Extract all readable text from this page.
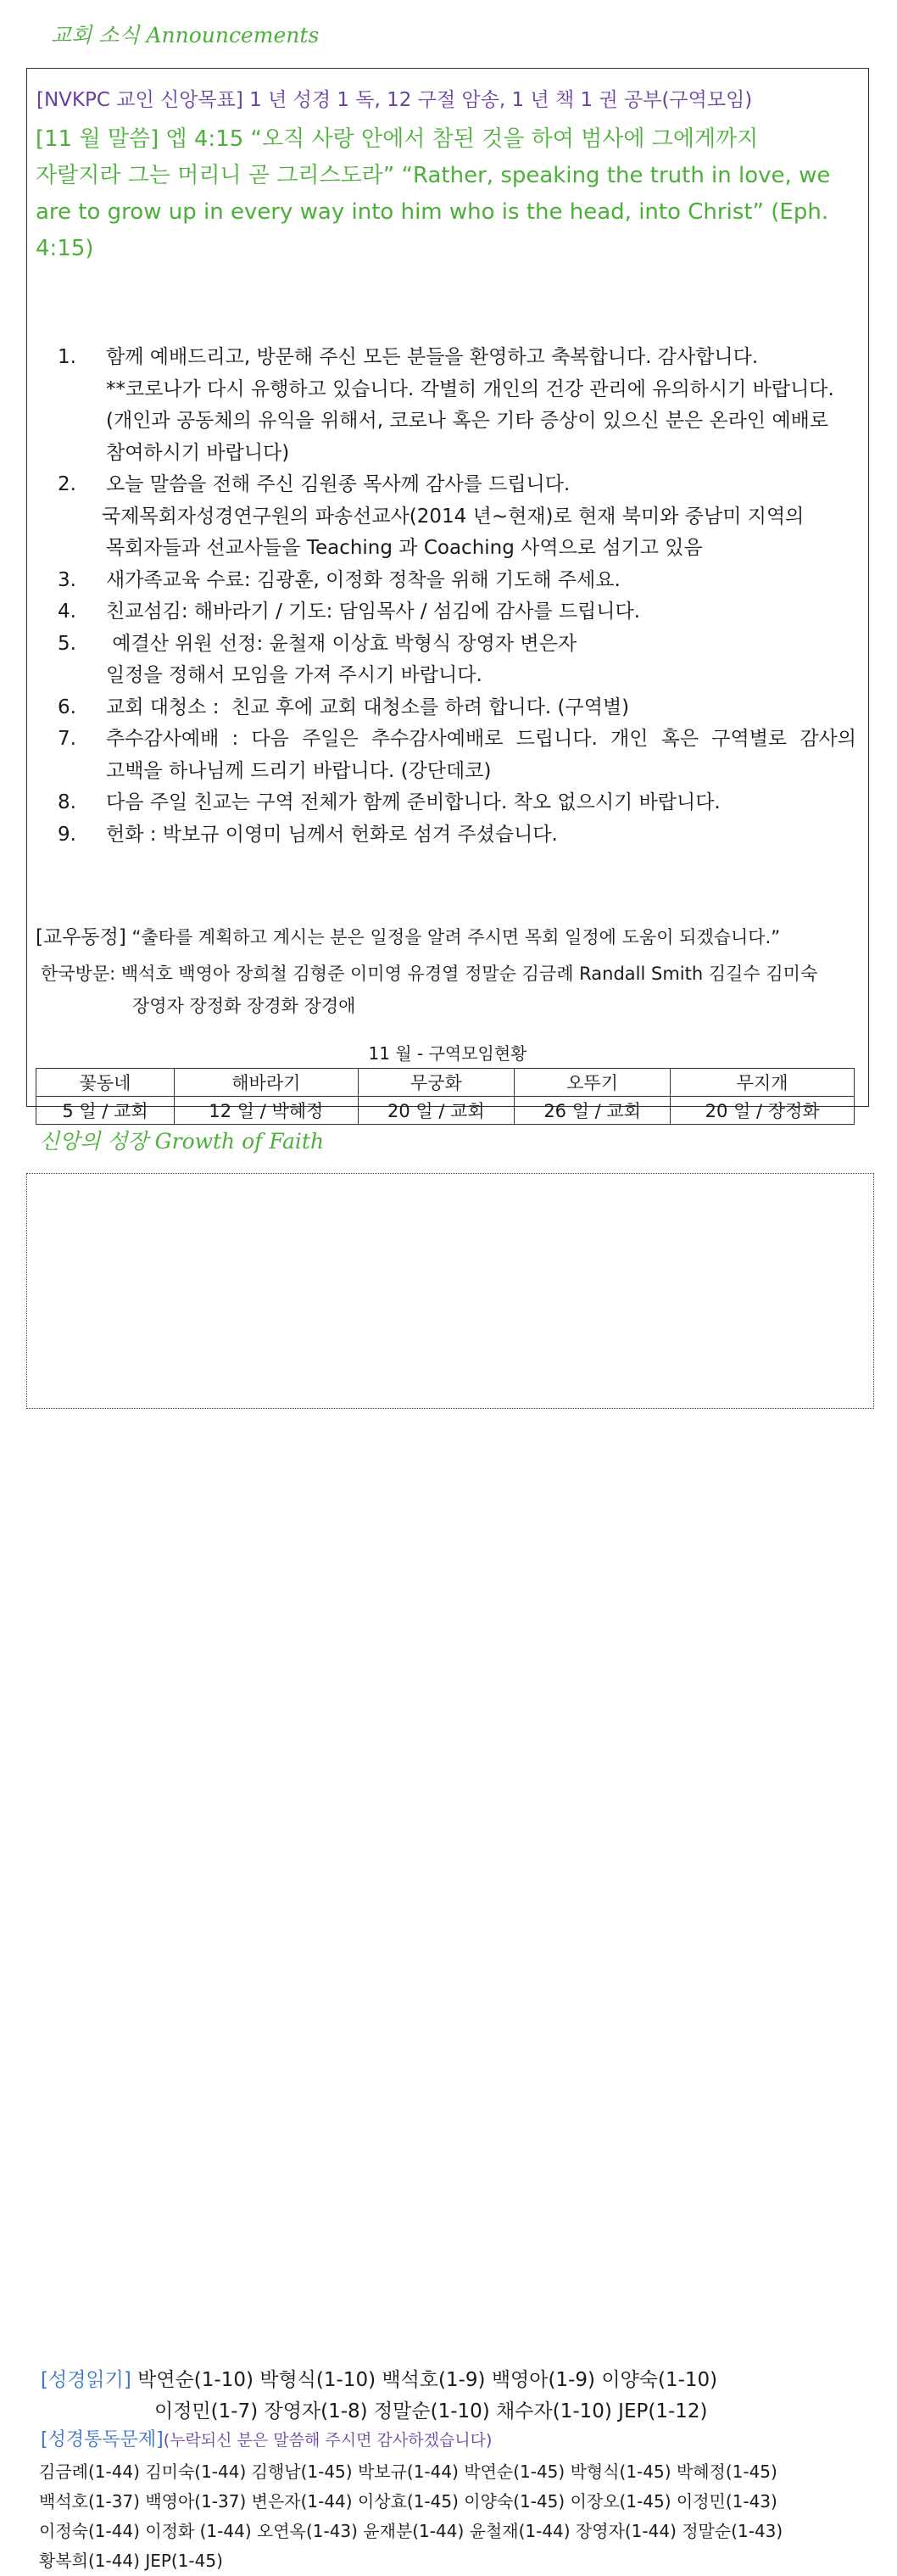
교회 소식 Announcements
[NVKPC 교인 신앙목표] 1 년 성경 1 독, 12 구절 암송, 1 년 책 1 권 공부(구역모임)
[11 월 말씀] 엡 4:15 “오직 사랑 안에서 참된 것을 하여 범사에 그에게까지
자랄지라 그는 머리니 곧 그리스도라” “Rather, speaking the truth in love, we
are to grow up in every way into him who is the head, into Christ” (Eph.
4:15)
1. 함께 예배드리고, 방문해 주신 모든 분들을 환영하고 축복합니다. 감사합니다.
**코로나가 다시 유행하고 있습니다. 각별히 개인의 건강 관리에 유의하시기 바랍니다.
(개인과 공동체의 유익을 위해서, 코로나 혹은 기타 증상이 있으신 분은 온라인 예배로
참여하시기 바랍니다)
2. 오늘 말씀을 전해 주신 김원종 목사께 감사를 드립니다.
국제목회자성경연구원의 파송선교사(2014 년~현재)로 현재 북미와 중남미 지역의
목회자들과 선교사들을 Teaching 과 Coaching 사역으로 섬기고 있음
3. 새가족교육 수료: 김광훈, 이정화 정착을 위해 기도해 주세요.
4. 친교섬김: 해바라기 / 기도: 담임목사 / 섬김에 감사를 드립니다.
5. 예결산 위원 선정: 윤철재 이상효 박형식 장영자 변은자
일정을 정해서 모임을 가져 주시기 바랍니다.
6. 교회 대청소 :  친교 후에 교회 대청소를 하려 합니다. (구역별)
7. 추수감사예배 : 다음 주일은 추수감사예배로 드립니다. 개인 혹은 구역별로 감사의
고백을 하나님께 드리기 바랍니다. (강단데코)
8. 다음 주일 친교는 구역 전체가 함께 준비합니다. 착오 없으시기 바랍니다.
9. 헌화 : 박보규 이영미 님께서 헌화로 섬겨 주셨습니다.
[교우동정] “출타를 계획하고 계시는 분은 일정을 알려 주시면 목회 일정에 도움이 되겠습니다.”
한국방문: 백석호 백영아 장희철 김형준 이미영 유경열 정말순 김금례 Randall Smith 김길수 김미숙
장영자 장정화 장경화 장경애
11 월 - 구역모임현황
꽃동네	해바라기	무궁화	오뚜기	무지개
5 일 / 교회	12 일 / 박혜정	20 일 / 교회	26 일 / 교회	20 일 / 장정화
신앙의 성장 Growth of Faith
[성경읽기] 박연순(1-10) 박형식(1-10) 백석호(1-9) 백영아(1-9) 이양숙(1-10)
이정민(1-7) 장영자(1-8) 정말순(1-10) 채수자(1-10) JEP(1-12)
[성경통독문제](누락되신 분은 말씀해 주시면 감사하겠습니다)
김금례(1-44) 김미숙(1-44) 김행남(1-45) 박보규(1-44) 박연순(1-45) 박형식(1-45) 박혜정(1-45)
백석호(1-37) 백영아(1-37) 변은자(1-44) 이상효(1-45) 이양숙(1-45) 이장오(1-45) 이정민(1-43)
이정숙(1-44) 이정화 (1-44) 오연옥(1-43) 윤재분(1-44) 윤철재(1-44) 장영자(1-44) 정말순(1-43)
황복희(1-44) JEP(1-45)
